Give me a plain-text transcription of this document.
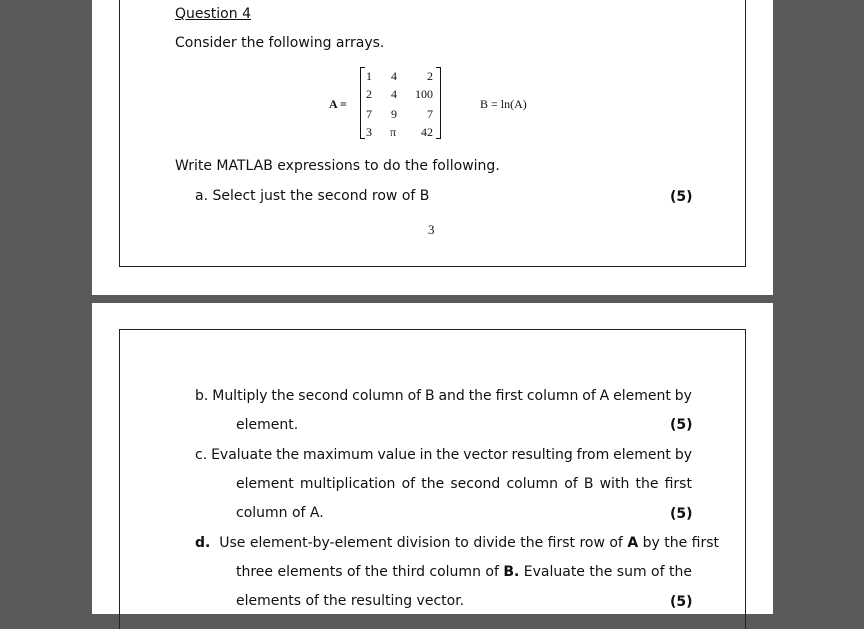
Question 4
Consider the following arrays.
A =
1 4	2
2 4	100
7 9	7
3 π	42
B = ln(A)
Write MATLAB expressions to do the following.
a. Select just the second row of B	(5)
3
b. Multiply the second column of B and the first column of A element by
element.	(5)
c. Evaluate the maximum value in the vector resulting from element by
element multiplication of the second column of B with the first
column of A.	(5)
d. Use element-by-element division to divide the first row of A by the first
three elements of the third column of B. Evaluate the sum of the
elements of the resulting vector.	(5)
